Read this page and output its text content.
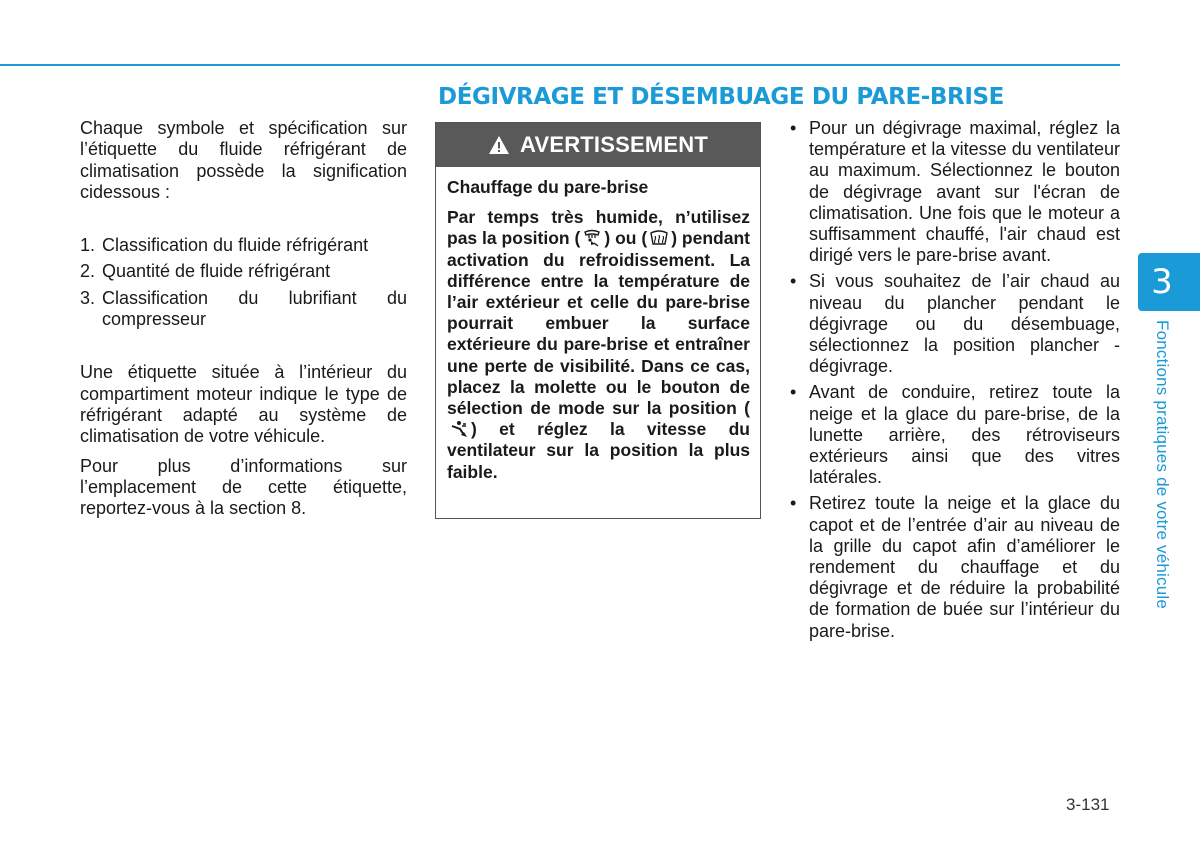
DÉGIVRAGE ET DÉSEMBUAGE DU PARE-BRISE

Chaque symbole et spécification sur l’étiquette du fluide réfrigérant de climatisation possède la signification cidessous :

1. Classification du fluide réfrigérant
2. Quantité de fluide réfrigérant
3. Classification du lubrifiant du compresseur

Une étiquette située à l’intérieur du compartiment moteur indique le type de réfrigérant adapté au système de climatisation de votre véhicule.

Pour plus d’informations sur l’emplacement de cette étiquette, reportez-vous à la section 8.

AVERTISSEMENT

Chauffage du pare-brise

Par temps très humide, n’utilisez pas la position ( ) ou ( ) pendant activation du refroidissement. La différence entre la température de l’air extérieur et celle du pare-brise pourrait embuer la surface extérieure du pare-brise et entraîner une perte de visibilité. Dans ce cas, placez la molette ou le bouton de sélection de mode sur la position () et réglez la vitesse du ventilateur sur la position la plus faible.

• Pour un dégivrage maximal, réglez la température et la vitesse du ventilateur au maximum. Sélectionnez le bouton de dégivrage avant sur l'écran de climatisation. Une fois que le moteur a suffisamment chauffé, l'air chaud est dirigé vers le pare-brise avant.
• Si vous souhaitez de l’air chaud au niveau du plancher pendant le dégivrage ou du désembuage, sélectionnez la position plancher - dégivrage.
• Avant de conduire, retirez toute la neige et la glace du pare-brise, de la lunette arrière, des rétroviseurs extérieurs ainsi que des vitres latérales.
• Retirez toute la neige et la glace du capot et de l’entrée d’air au niveau de la grille du capot afin d’améliorer le rendement du chauffage et du dégivrage et de réduire la probabilité de formation de buée sur l’intérieur du pare-brise.
3
Fonctions pratiques de votre véhicule
3-131
